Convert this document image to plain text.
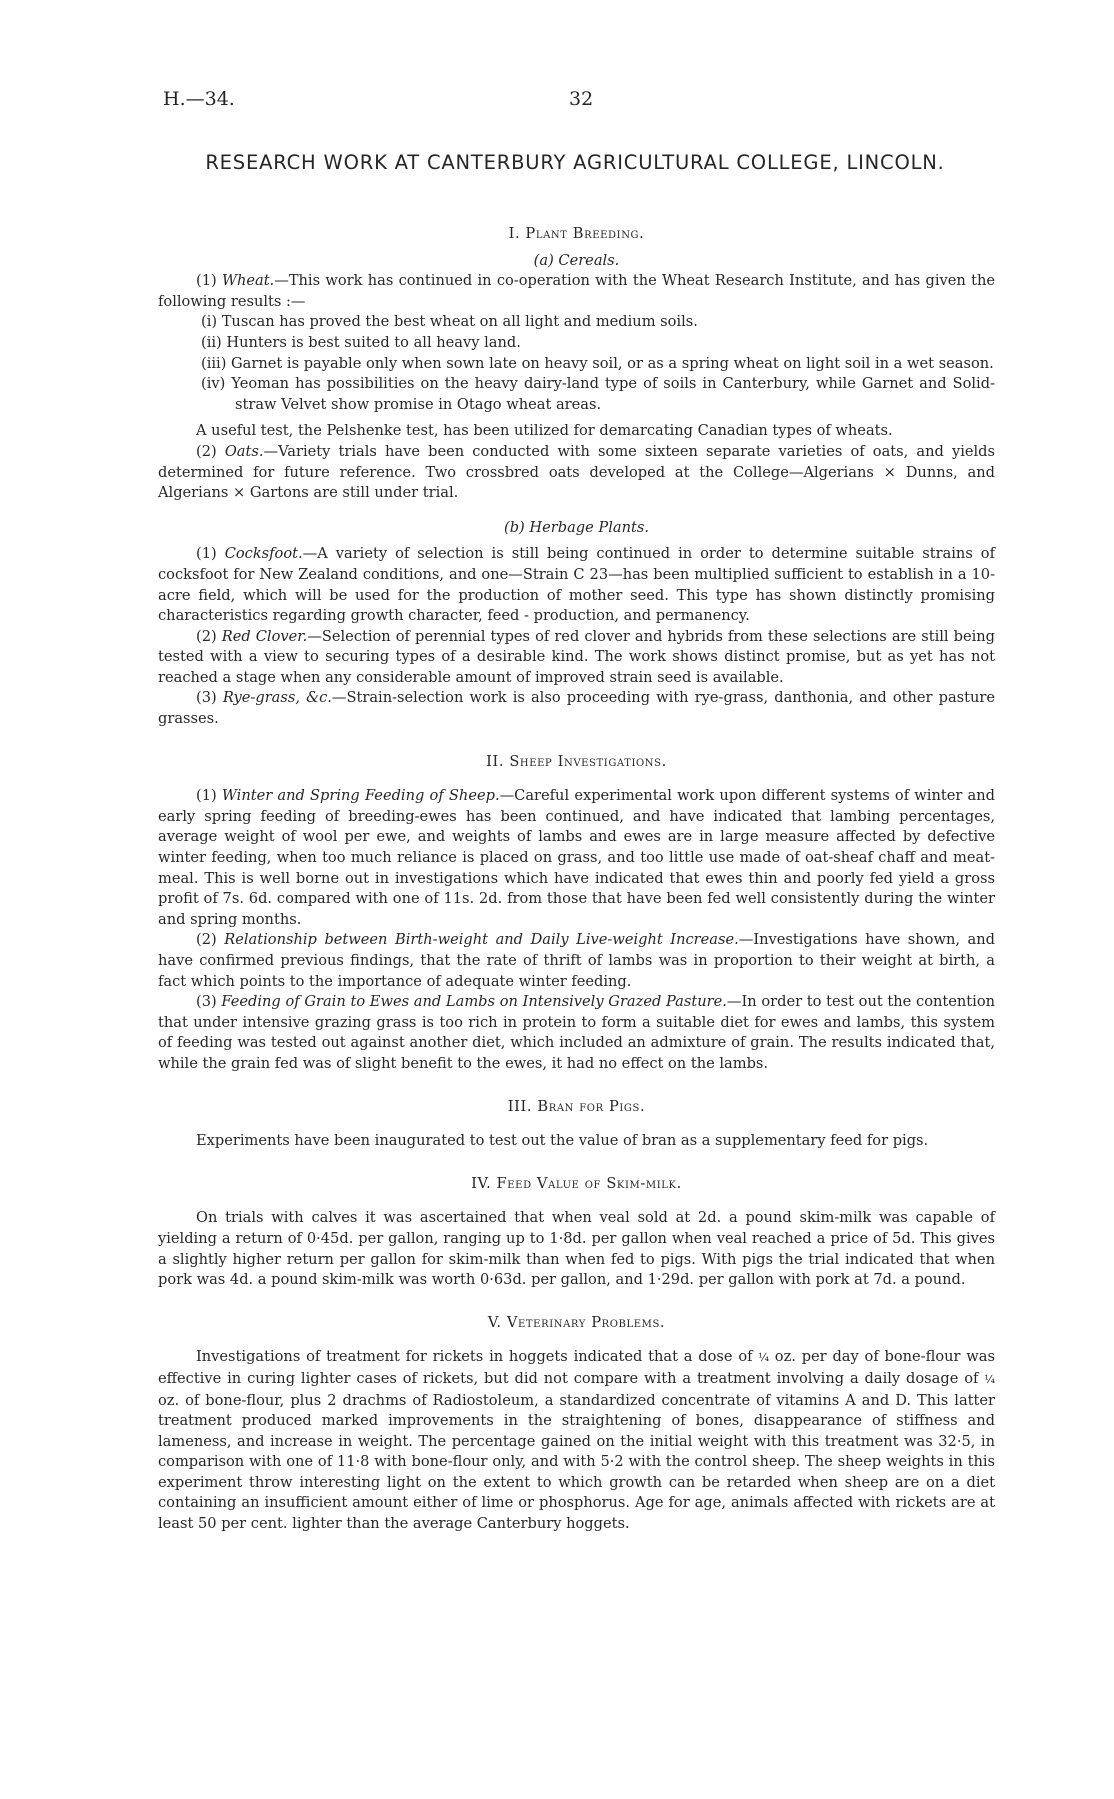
H.—34.	32
RESEARCH WORK AT CANTERBURY AGRICULTURAL COLLEGE, LINCOLN.

I. Plant Breeding.

(a) Cereals.

(1) Wheat.—This work has continued in co-operation with the Wheat Research Institute, and has given the following results :—

(i) Tuscan has proved the best wheat on all light and medium soils.

(ii) Hunters is best suited to all heavy land.

(iii) Garnet is payable only when sown late on heavy soil, or as a spring wheat on light soil in a wet season.

(iv) Yeoman has possibilities on the heavy dairy-land type of soils in Canterbury, while Garnet and Solid-straw Velvet show promise in Otago wheat areas.

A useful test, the Pelshenke test, has been utilized for demarcating Canadian types of wheats.

(2) Oats.—Variety trials have been conducted with some sixteen separate varieties of oats, and yields determined for future reference. Two crossbred oats developed at the College—Algerians × Dunns, and Algerians × Gartons are still under trial.

(b) Herbage Plants.

(1) Cocksfoot.—A variety of selection is still being continued in order to determine suitable strains of cocksfoot for New Zealand conditions, and one—Strain C 23—has been multiplied sufficient to establish in a 10-acre field, which will be used for the production of mother seed. This type has shown distinctly promising characteristics regarding growth character, feed - production, and permanency.

(2) Red Clover.—Selection of perennial types of red clover and hybrids from these selections are still being tested with a view to securing types of a desirable kind. The work shows distinct promise, but as yet has not reached a stage when any considerable amount of improved strain seed is available.

(3) Rye-grass, &c.—Strain-selection work is also proceeding with rye-grass, danthonia, and other pasture grasses.

II. Sheep Investigations.

(1) Winter and Spring Feeding of Sheep.—Careful experimental work upon different systems of winter and early spring feeding of breeding-ewes has been continued, and have indicated that lambing percentages, average weight of wool per ewe, and weights of lambs and ewes are in large measure affected by defective winter feeding, when too much reliance is placed on grass, and too little use made of oat-sheaf chaff and meat-meal. This is well borne out in investigations which have indicated that ewes thin and poorly fed yield a gross profit of 7s. 6d. compared with one of 11s. 2d. from those that have been fed well consistently during the winter and spring months.

(2) Relationship between Birth-weight and Daily Live-weight Increase.—Investigations have shown, and have confirmed previous findings, that the rate of thrift of lambs was in proportion to their weight at birth, a fact which points to the importance of adequate winter feeding.

(3) Feeding of Grain to Ewes and Lambs on Intensively Grazed Pasture.—In order to test out the contention that under intensive grazing grass is too rich in protein to form a suitable diet for ewes and lambs, this system of feeding was tested out against another diet, which included an admixture of grain. The results indicated that, while the grain fed was of slight benefit to the ewes, it had no effect on the lambs.

III. Bran for Pigs.

Experiments have been inaugurated to test out the value of bran as a supplementary feed for pigs.

IV. Feed Value of Skim-milk.

On trials with calves it was ascertained that when veal sold at 2d. a pound skim-milk was capable of yielding a return of 0·45d. per gallon, ranging up to 1·8d. per gallon when veal reached a price of 5d. This gives a slightly higher return per gallon for skim-milk than when fed to pigs. With pigs the trial indicated that when pork was 4d. a pound skim-milk was worth 0·63d. per gallon, and 1·29d. per gallon with pork at 7d. a pound.

V. Veterinary Problems.

Investigations of treatment for rickets in hoggets indicated that a dose of ¼ oz. per day of bone-flour was effective in curing lighter cases of rickets, but did not compare with a treatment involving a daily dosage of ¼ oz. of bone-flour, plus 2 drachms of Radiostoleum, a standardized concentrate of vitamins A and D. This latter treatment produced marked improvements in the straightening of bones, disappearance of stiffness and lameness, and increase in weight. The percentage gained on the initial weight with this treatment was 32·5, in comparison with one of 11·8 with bone-flour only, and with 5·2 with the control sheep. The sheep weights in this experiment throw interesting light on the extent to which growth can be retarded when sheep are on a diet containing an insufficient amount either of lime or phosphorus. Age for age, animals affected with rickets are at least 50 per cent. lighter than the average Canterbury hoggets.
